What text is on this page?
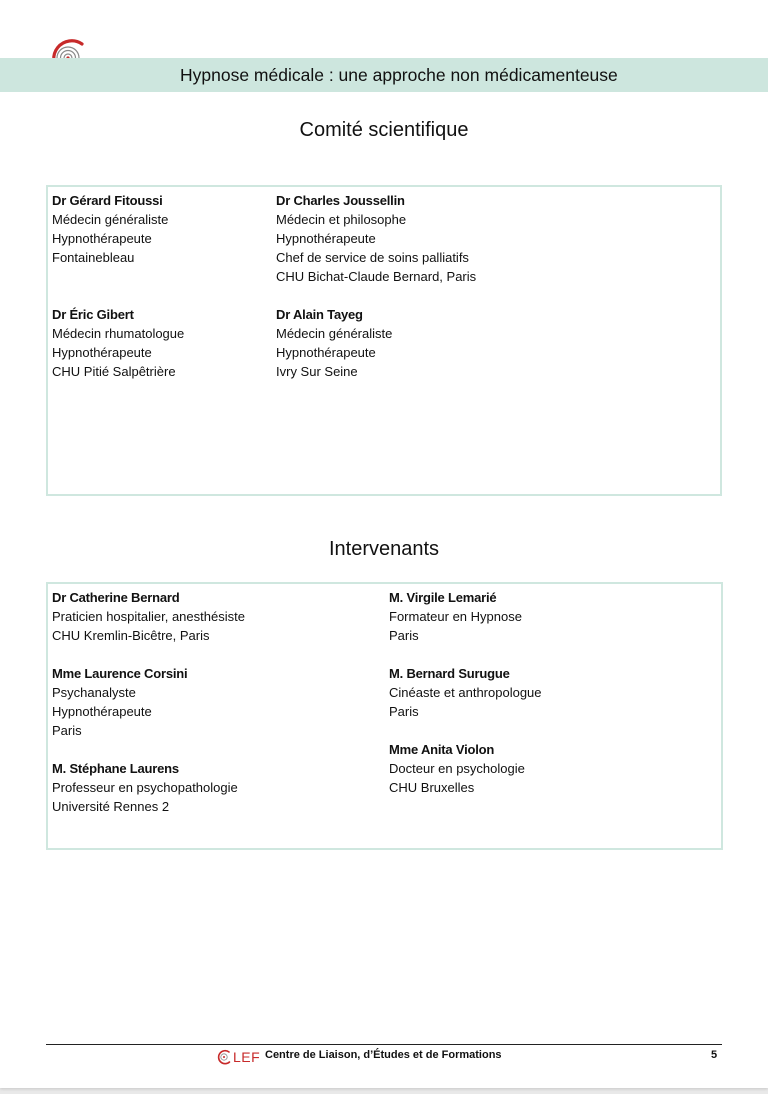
Hypnose médicale : une approche non médicamenteuse
Comité scientifique
Dr Gérard Fitoussi
Médecin généraliste
Hypnothérapeute
Fontainebleau
Dr Charles Joussellin
Médecin et philosophe
Hypnothérapeute
Chef de service de soins palliatifs
CHU Bichat-Claude Bernard, Paris
Dr Éric Gibert
Médecin rhumatologue
Hypnothérapeute
CHU Pitié Salpêtrière
Dr Alain Tayeg
Médecin généraliste
Hypnothérapeute
Ivry Sur Seine
Intervenants
Dr Catherine Bernard
Praticien hospitalier, anesthésiste
CHU Kremlin-Bicêtre, Paris
Mme Laurence Corsini
Psychanalyste
Hypnothérapeute
Paris
M. Stéphane Laurens
Professeur en psychopathologie
Université Rennes 2
M. Virgile Lemarié
Formateur en Hypnose
Paris
M. Bernard Surugue
Cinéaste et anthropologue
Paris
Mme Anita Violon
Docteur en psychologie
CHU Bruxelles
LEF Centre de Liaison, d’Études et de Formations	5
